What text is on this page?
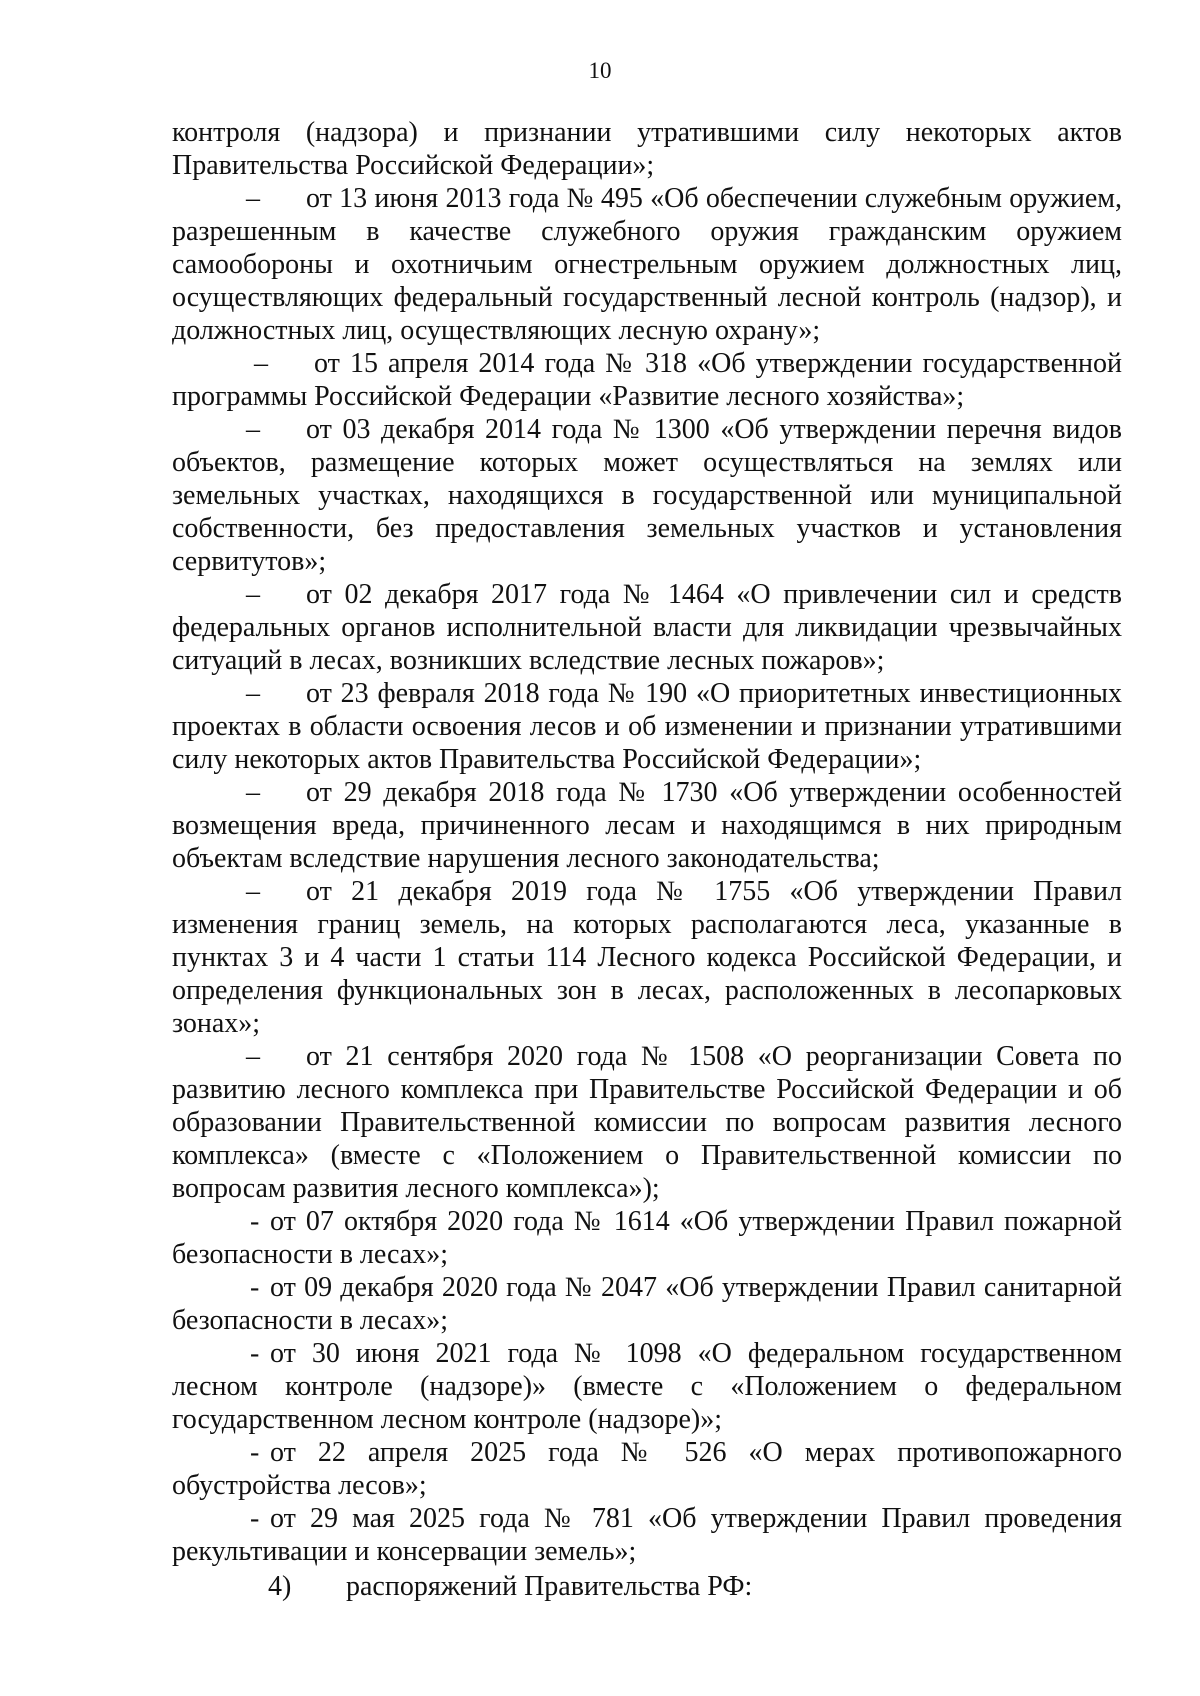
10

контроля (надзора) и признании утратившими силу некоторых актов Правительства Российской Федерации»;

– от 13 июня 2013 года № 495 «Об обеспечении служебным оружием, разрешенным в качестве служебного оружия гражданским оружием самообороны и охотничьим огнестрельным оружием должностных лиц, осуществляющих федеральный государственный лесной контроль (надзор), и должностных лиц, осуществляющих лесную охрану»;

– от 15 апреля 2014 года № 318 «Об утверждении государственной программы Российской Федерации «Развитие лесного хозяйства»;

– от 03 декабря 2014 года № 1300 «Об утверждении перечня видов объектов, размещение которых может осуществляться на землях или земельных участках, находящихся в государственной или муниципальной собственности, без предоставления земельных участков и установления сервитутов»;

– от 02 декабря 2017 года № 1464 «О привлечении сил и средств федеральных органов исполнительной власти для ликвидации чрезвычайных ситуаций в лесах, возникших вследствие лесных пожаров»;

– от 23 февраля 2018 года № 190 «О приоритетных инвестиционных проектах в области освоения лесов и об изменении и признании утратившими силу некоторых актов Правительства Российской Федерации»;

– от 29 декабря 2018 года № 1730 «Об утверждении особенностей возмещения вреда, причиненного лесам и находящимся в них природным объектам вследствие нарушения лесного законодательства;

– от 21 декабря 2019 года № 1755 «Об утверждении Правил изменения границ земель, на которых располагаются леса, указанные в пунктах 3 и 4 части 1 статьи 114 Лесного кодекса Российской Федерации, и определения функциональных зон в лесах, расположенных в лесопарковых зонах»;

– от 21 сентября 2020 года № 1508 «О реорганизации Совета по развитию лесного комплекса при Правительстве Российской Федерации и об образовании Правительственной комиссии по вопросам развития лесного комплекса» (вместе с «Положением о Правительственной комиссии по вопросам развития лесного комплекса»);

- от 07 октября 2020 года № 1614 «Об утверждении Правил пожарной безопасности в лесах»;

- от 09 декабря 2020 года № 2047 «Об утверждении Правил санитарной безопасности в лесах»;

- от 30 июня 2021 года № 1098 «О федеральном государственном лесном контроле (надзоре)» (вместе с «Положением о федеральном государственном лесном контроле (надзоре)»;

- от 22 апреля 2025 года № 526 «О мерах противопожарного обустройства лесов»;

- от 29 мая 2025 года № 781 «Об утверждении Правил проведения рекультивации и консервации земель»;

4) распоряжений Правительства РФ:
